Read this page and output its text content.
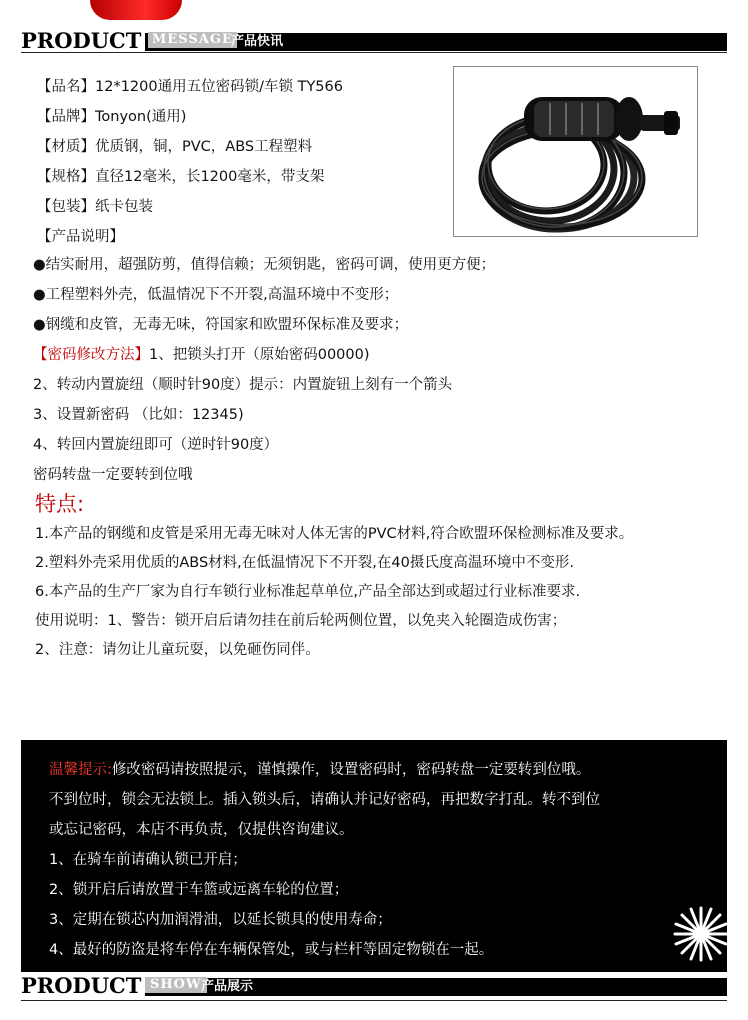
PRODUCT MESSAGE
产品快讯
【品名】12*1200通用五位密码锁/车锁 TY566
【品牌】Tonyon(通用)
【材质】优质钢，铜，PVC，ABS工程塑料
【规格】直径12毫米，长1200毫米，带支架
【包装】纸卡包装
【产品说明】
●结实耐用，超强防剪，值得信赖；无须钥匙，密码可调，使用更方便；
●工程塑料外壳，低温情况下不开裂,高温环境中不变形；
●钢缆和皮管，无毒无味，符国家和欧盟环保标准及要求；
【密码修改方法】1、把锁头打开（原始密码00000)
2、转动内置旋纽（顺时针90度）提示：内置旋钮上刻有一个箭头
3、设置新密码 （比如：12345)
4、转回内置旋纽即可（逆时针90度）
密码转盘一定要转到位哦
特点:
1.本产品的钢缆和皮管是采用无毒无味对人体无害的PVC材料,符合欧盟环保检测标准及要求。
2.塑料外壳采用优质的ABS材料,在低温情况下不开裂,在40摄氏度高温环境中不变形.
6.本产品的生产厂家为自行车锁行业标准起草单位,产品全部达到或超过行业标准要求.
使用说明：1、警告：锁开启后请勿挂在前后轮两侧位置，以免夹入轮圈造成伤害；
2、注意：请勿让儿童玩耍，以免砸伤同伴。
温馨提示:修改密码请按照提示，谨慎操作，设置密码时，密码转盘一定要转到位哦。
不到位时，锁会无法锁上。插入锁头后，请确认并记好密码，再把数字打乱。转不到位
或忘记密码，本店不再负责，仅提供咨询建议。
1、在骑车前请确认锁已开启；
2、锁开启后请放置于车篮或远离车轮的位置；
3、定期在锁芯内加润滑油，以延长锁具的使用寿命；
4、最好的防盗是将车停在车辆保管处，或与栏杆等固定物锁在一起。
PRODUCT SHOW 产品展示
